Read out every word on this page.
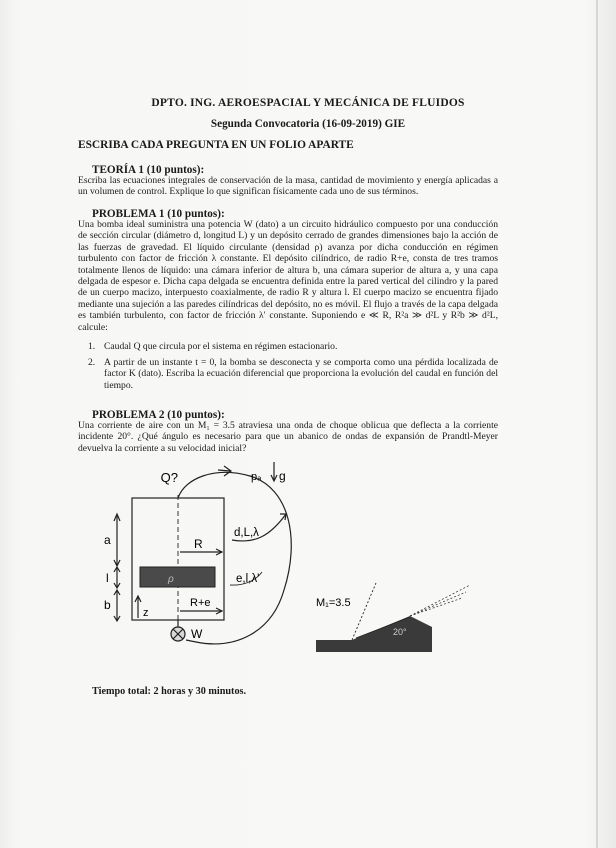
DPTO. ING. AEROESPACIAL Y MECÁNICA DE FLUIDOS
Segunda Convocatoria (16-09-2019) GIE
ESCRIBA CADA PREGUNTA EN UN FOLIO APARTE
TEORÍA 1 (10 puntos):
Escriba las ecuaciones integrales de conservación de la masa, cantidad de movimiento y energía aplicadas a un volumen de control. Explique lo que significan físicamente cada uno de sus términos.
PROBLEMA 1 (10 puntos):
Una bomba ideal suministra una potencia W (dato) a un circuito hidráulico compuesto por una conducción de sección circular (diámetro d, longitud L) y un depósito cerrado de grandes dimensiones bajo la acción de las fuerzas de gravedad. El líquido circulante (densidad ρ) avanza por dicha conducción en régimen turbulento con factor de fricción λ constante. El depósito cilíndrico, de radio R+e, consta de tres tramos totalmente llenos de líquido: una cámara inferior de altura b, una cámara superior de altura a, y una capa delgada de espesor e. Dicha capa delgada se encuentra definida entre la pared vertical del cilindro y la pared de un cuerpo macizo, interpuesto coaxialmente, de radio R y altura l. El cuerpo macizo se encuentra fijado mediante una sujeción a las paredes cilíndricas del depósito, no es móvil. El flujo a través de la capa delgada es también turbulento, con factor de fricción λ′ constante. Suponiendo e ≪ R, R²a ≫ d²L y R²b ≫ d²L, calcule:
1. Caudal Q que circula por el sistema en régimen estacionario.
2. A partir de un instante t = 0, la bomba se desconecta y se comporta como una pérdida localizada de factor K (dato). Escriba la ecuación diferencial que proporciona la evolución del caudal en función del tiempo.
PROBLEMA 2 (10 puntos):
Una corriente de aire con un M₁ = 3.5 atraviesa una onda de choque oblicua que deflecta a la corriente incidente 20°. ¿Qué ángulo es necesario para que un abanico de ondas de expansión de Prandtl-Meyer devuelva la corriente a su velocidad inicial?
Q?	pₐ g
a
l
b
z
R
R+e
d,L,λ
e,l,λ'
ρ
W
M₁=3.5
20°
Tiempo total: 2 horas y 30 minutos.
